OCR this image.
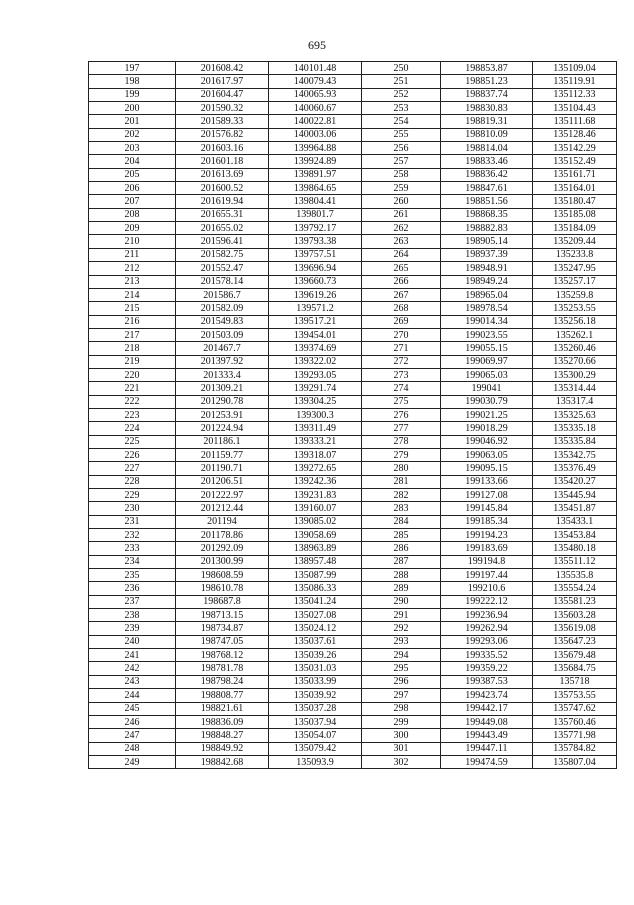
695
197	201608.42	140101.48	250	198853.87	135109.04
198	201617.97	140079.43	251	198851.23	135119.91
199	201604.47	140065.93	252	198837.74	135112.33
200	201590.32	140060.67	253	198830.83	135104.43
201	201589.33	140022.81	254	198819.31	135111.68
202	201576.82	140003.06	255	198810.09	135128.46
203	201603.16	139964.88	256	198814.04	135142.29
204	201601.18	139924.89	257	198833.46	135152.49
205	201613.69	139891.97	258	198836.42	135161.71
206	201600.52	139864.65	259	198847.61	135164.01
207	201619.94	139804.41	260	198851.56	135180.47
208	201655.31	139801.7	261	198868.35	135185.08
209	201655.02	139792.17	262	198882.83	135184.09
210	201596.41	139793.38	263	198905.14	135209.44
211	201582.75	139757.51	264	198937.39	135233.8
212	201552.47	139696.94	265	198948.91	135247.95
213	201578.14	139660.73	266	198949.24	135257.17
214	201586.7	139619.26	267	198965.04	135259.8
215	201582.09	139571.2	268	198978.54	135253.55
216	201549.83	139517.21	269	199014.34	135256.18
217	201503.09	139454.01	270	199023.55	135262.1
218	201467.7	139374.69	271	199055.15	135260.46
219	201397.92	139322.02	272	199069.97	135270.66
220	201333.4	139293.05	273	199065.03	135300.29
221	201309.21	139291.74	274	199041	135314.44
222	201290.78	139304.25	275	199030.79	135317.4
223	201253.91	139300.3	276	199021.25	135325.63
224	201224.94	139311.49	277	199018.29	135335.18
225	201186.1	139333.21	278	199046.92	135335.84
226	201159.77	139318.07	279	199063.05	135342.75
227	201190.71	139272.65	280	199095.15	135376.49
228	201206.51	139242.36	281	199133.66	135420.27
229	201222.97	139231.83	282	199127.08	135445.94
230	201212.44	139160.07	283	199145.84	135451.87
231	201194	139085.02	284	199185.34	135433.1
232	201178.86	139058.69	285	199194.23	135453.84
233	201292.09	138963.89	286	199183.69	135480.18
234	201300.99	138957.48	287	199194.8	135511.12
235	198608.59	135087.99	288	199197.44	135535.8
236	198610.78	135086.33	289	199210.6	135554.24
237	198687.8	135041.24	290	199222.12	135581.23
238	198713.15	135027.08	291	199236.94	135603.28
239	198734.87	135024.12	292	199262.94	135619.08
240	198747.05	135037.61	293	199293.06	135647.23
241	198768.12	135039.26	294	199335.52	135679.48
242	198781.78	135031.03	295	199359.22	135684.75
243	198798.24	135033.99	296	199387.53	135718
244	198808.77	135039.92	297	199423.74	135753.55
245	198821.61	135037.28	298	199442.17	135747.62
246	198836.09	135037.94	299	199449.08	135760.46
247	198848.27	135054.07	300	199443.49	135771.98
248	198849.92	135079.42	301	199447.11	135784.82
249	198842.68	135093.9	302	199474.59	135807.04
